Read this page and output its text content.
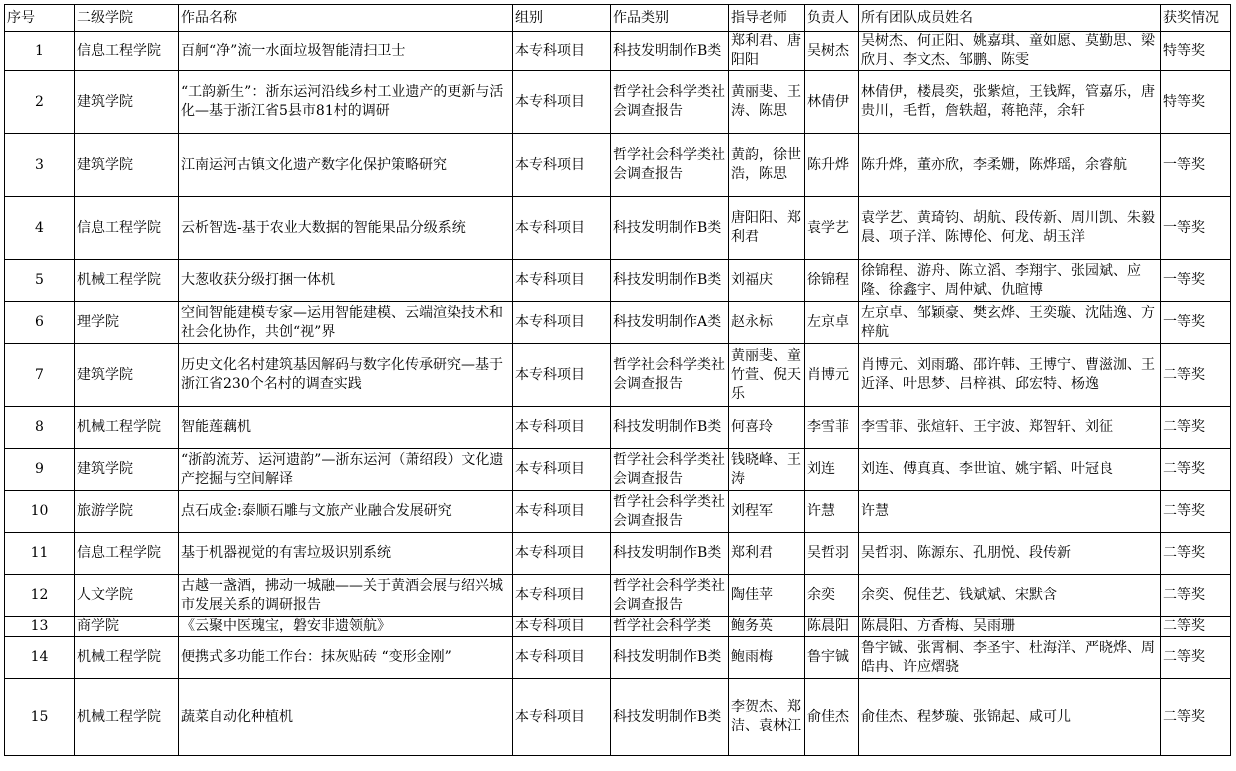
序号	二级学院	作品名称	组别	作品类别	指导老师	负责人	所有团队成员姓名	获奖情况
1	信息工程学院	百舸“净”流一水面垃圾智能清扫卫士	本专科项目	科技发明制作B类	郑利君、唐阳阳	吴树杰	吴树杰、何正阳、姚嘉琪、童如愿、莫勤思、梁欣月、李文杰、邹鹏、陈雯	特等奖
2	建筑学院	“工韵新生”：浙东运河沿线乡村工业遗产的更新与活化—基于浙江省5县市81村的调研	本专科项目	哲学社会科学类社会调查报告	黄丽斐、王涛、陈思	林倩伊	林倩伊，楼晨奕，张紫煊，王钱辉，管嘉乐，唐贵川，毛哲，詹轶超，蒋艳萍，余轩	特等奖
3	建筑学院	江南运河古镇文化遗产数字化保护策略研究	本专科项目	哲学社会科学类社会调查报告	黄韵，徐世浩，陈思	陈升烨	陈升烨，董亦欣，李柔姗，陈烨瑶，余睿航	一等奖
4	信息工程学院	云析智选-基于农业大数据的智能果品分级系统	本专科项目	科技发明制作B类	唐阳阳、郑利君	袁学艺	袁学艺、黄琦钧、胡航、段传新、周川凯、朱毅晨、项子洋、陈博伦、何龙、胡玉洋	一等奖
5	机械工程学院	大葱收获分级打捆一体机	本专科项目	科技发明制作B类	刘福庆	徐锦程	徐锦程、游舟、陈立滔、李翔宇、张园斌、应隆、徐鑫宇、周仲斌、仇暄博	一等奖
6	理学院	空间智能建模专家—运用智能建模、云端渲染技术和社会化协作，共创“视”界	本专科项目	科技发明制作A类	赵永标	左京卓	左京卓、邹颖豪、樊玄烨、王奕璇、沈陆逸、方梓航	一等奖
7	建筑学院	历史文化名村建筑基因解码与数字化传承研究—基于浙江省230个名村的调查实践	本专科项目	哲学社会科学类社会调查报告	黄丽斐、童竹萱、倪天乐	肖博元	肖博元、刘雨璐、邵许韩、王博宁、曹滋泇、王近泽、叶思梦、吕梓祺、邱宏特、杨逸	二等奖
8	机械工程学院	智能莲藕机	本专科项目	科技发明制作B类	何喜玲	李雪菲	李雪菲、张煊轩、王宇波、郑智轩、刘征	二等奖
9	建筑学院	“浙韵流芳、运河遗韵”—浙东运河（萧绍段）文化遗产挖掘与空间解译	本专科项目	哲学社会科学类社会调查报告	钱晓峰、王涛	刘连	刘连、傅真真、李世谊、姚宇韬、叶冠良	二等奖
10	旅游学院	点石成金:泰顺石雕与文旅产业融合发展研究	本专科项目	哲学社会科学类社会调查报告	刘程军	许慧	许慧	二等奖
11	信息工程学院	基于机器视觉的有害垃圾识别系统	本专科项目	科技发明制作B类	郑利君	吴哲羽	吴哲羽、陈源东、孔朋悦、段传新	二等奖
12	人文学院	古越一盏酒，拂动一城融——关于黄酒会展与绍兴城市发展关系的调研报告	本专科项目	哲学社会科学类社会调查报告	陶佳苹	余奕	余奕、倪佳艺、钱斌斌、宋默含	二等奖
13	商学院	《云聚中医瑰宝，磐安非遗领航》	本专科项目	哲学社会科学类	鲍务英	陈晨阳	陈晨阳、方香梅、吴雨珊	二等奖
14	机械工程学院	便携式多功能工作台：抹灰贴砖 “变形金刚”	本专科项目	科技发明制作B类	鲍雨梅	鲁宇铖	鲁宇铖、张霄桐、李圣宇、杜海洋、严晓烨、周皓冉、许应熠骁	二等奖
15	机械工程学院	蔬菜自动化种植机	本专科项目	科技发明制作B类	李贺杰、郑洁、袁林江	俞佳杰	俞佳杰、程梦璇、张锦起、咸可儿	二等奖
